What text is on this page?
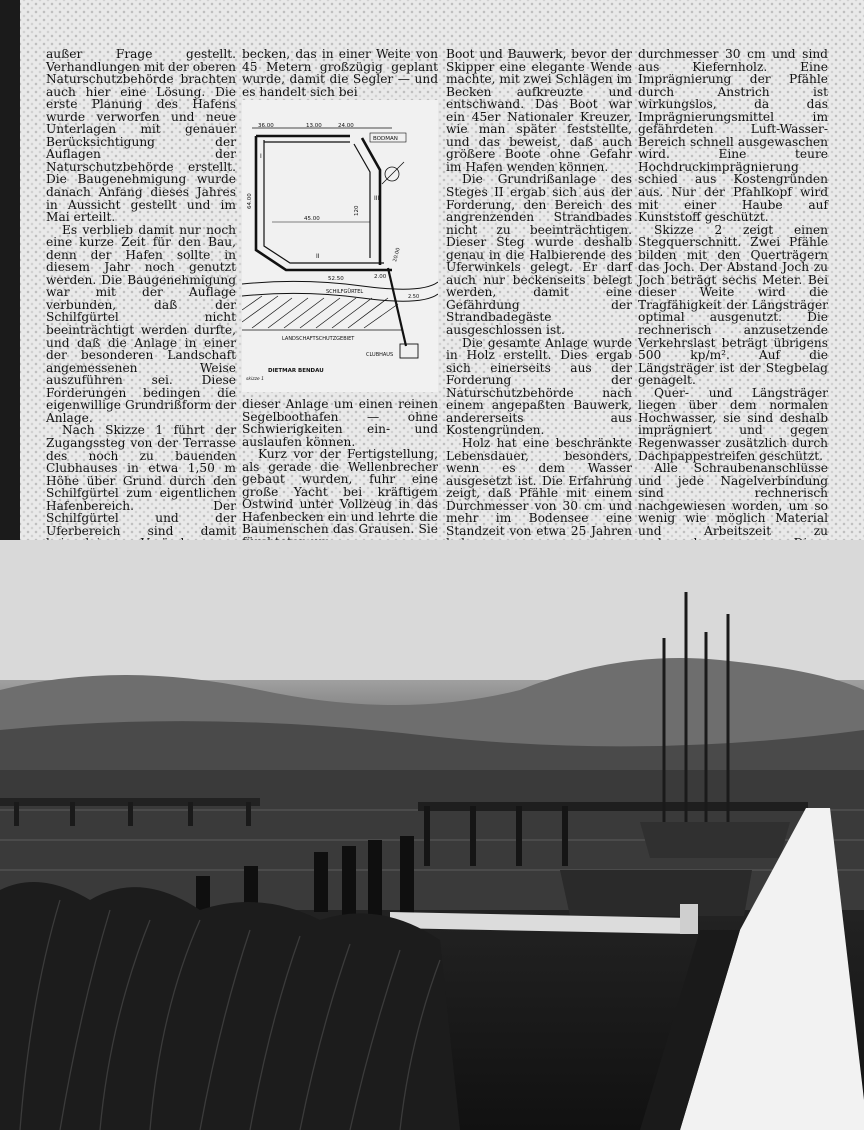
außer Frage gestellt. Verhandlungen mit der oberen Naturschutzbehörde brachten auch hier eine Lösung. Die erste Planung des Hafens wurde verworfen und neue Unterlagen mit genauer Berücksichtigung der Auflagen der Naturschutzbehörde erstellt. Die Baugenehmigung wurde danach Anfang dieses Jahres in Aussicht gestellt und im Mai erteilt.

Es verblieb damit nur noch eine kurze Zeit für den Bau, denn der Hafen sollte in diesem Jahr noch genutzt werden. Die Baugenehmigung war mit der Auflage verbunden, daß der Schilfgürtel nicht beeinträchtigt werden durfte, und daß die Anlage in einer der besonderen Landschaft angemessenen Weise auszuführen sei. Diese Forderungen bedingen die eigenwillige Grundrißform der Anlage.

Nach Skizze 1 führt der Zugangssteg von der Terrasse des noch zu bauenden Clubhauses in etwa 1,50 m Höhe über Grund durch den Schilfgürtel zum eigentlichen Hafenbereich. Der Schilfgürtel und der Uferbereich sind damit

becken, das in einer Weite von 45 Metern großzügig geplant wurde, damit die Segler — und es handelt sich bei

36.00	13.00	24.00
BODMAN
64.00
45.00
120
52.50	2.00
20.00
2.50
I
II
III
SCHILFGÜRTEL
LANDSCHAFTSCHUTZGEBIET
CLUBHAUS
DIETMAR BENDAU
skizze 1

dieser Anlage um einen reinen Segelboothafen — ohne Schwierigkeiten ein- und auslaufen können.

Kurz vor der Fertigstellung, als gerade die Wellenbrecher gebaut wurden, fuhr eine große Yacht bei kräftigem Ostwind unter Vollzeug in das Hafenbecken ein und lehrte die Baumenschen das Grausen. Sie

Boot und Bauwerk, bevor der Skipper eine elegante Wende machte, mit zwei Schlägen im Becken aufkreuzte und entschwand. Das Boot war ein 45er Nationaler Kreuzer, wie man später feststellte, und das beweist, daß auch größere Boote ohne Gefahr im Hafen wenden können.

Die Grundrißanlage des Steges II ergab sich aus der Forderung, den Bereich des angrenzenden Strandbades nicht zu beeinträchtigen. Dieser Steg wurde deshalb genau in die Halbierende des Uferwinkels gelegt. Er darf auch nur beckenseits belegt werden, damit eine Gefährdung der Strandbadegäste ausgeschlossen ist.

Die gesamte Anlage wurde in Holz erstellt. Dies ergab sich einerseits aus der Forderung der Naturschutzbehörde nach einem angepaßten Bauwerk, andererseits aus Kostengründen.

Holz hat eine beschränkte Lebensdauer, besonders, wenn es dem Wasser ausgesetzt ist. Die Erfahrung zeigt, daß Pfähle mit einem Durchmesser von 30 cm und mehr im Bodensee eine Standzeit von etwa 25 Jahren

durchmesser 30 cm und sind aus Kiefernholz. Eine Imprägnierung der Pfähle durch Anstrich ist wirkungslos, da das Imprägnierungsmittel im gefährdeten Luft-Wasser-Bereich schnell ausgewaschen wird. Eine teure Hochdruckimprägnierung schied aus Kostengründen aus. Nur der Pfahlkopf wird mit einer Haube auf Kunststoff geschützt.

Skizze 2 zeigt einen Stegquerschnitt. Zwei Pfähle bilden mit den Querträgern das Joch. Der Abstand Joch zu Joch beträgt sechs Meter. Bei dieser Weite wird die Tragfähigkeit der Längsträger optimal ausgenutzt. Die rechnerisch anzusetzende Verkehrslast beträgt übrigens 500 kp/m². Auf die Längsträger ist der Stegbelag genagelt.

Quer- und Längsträger liegen über dem normalen Hochwasser, sie sind deshalb imprägniert und gegen Regenwasser zusätzlich durch Dachpappestreifen geschützt.

Alle Schraubenanschlüsse und jede Nagelverbindung sind rechnerisch nachgewiesen worden, um so wenig wie möglich Material und Arbeitszeit zu
